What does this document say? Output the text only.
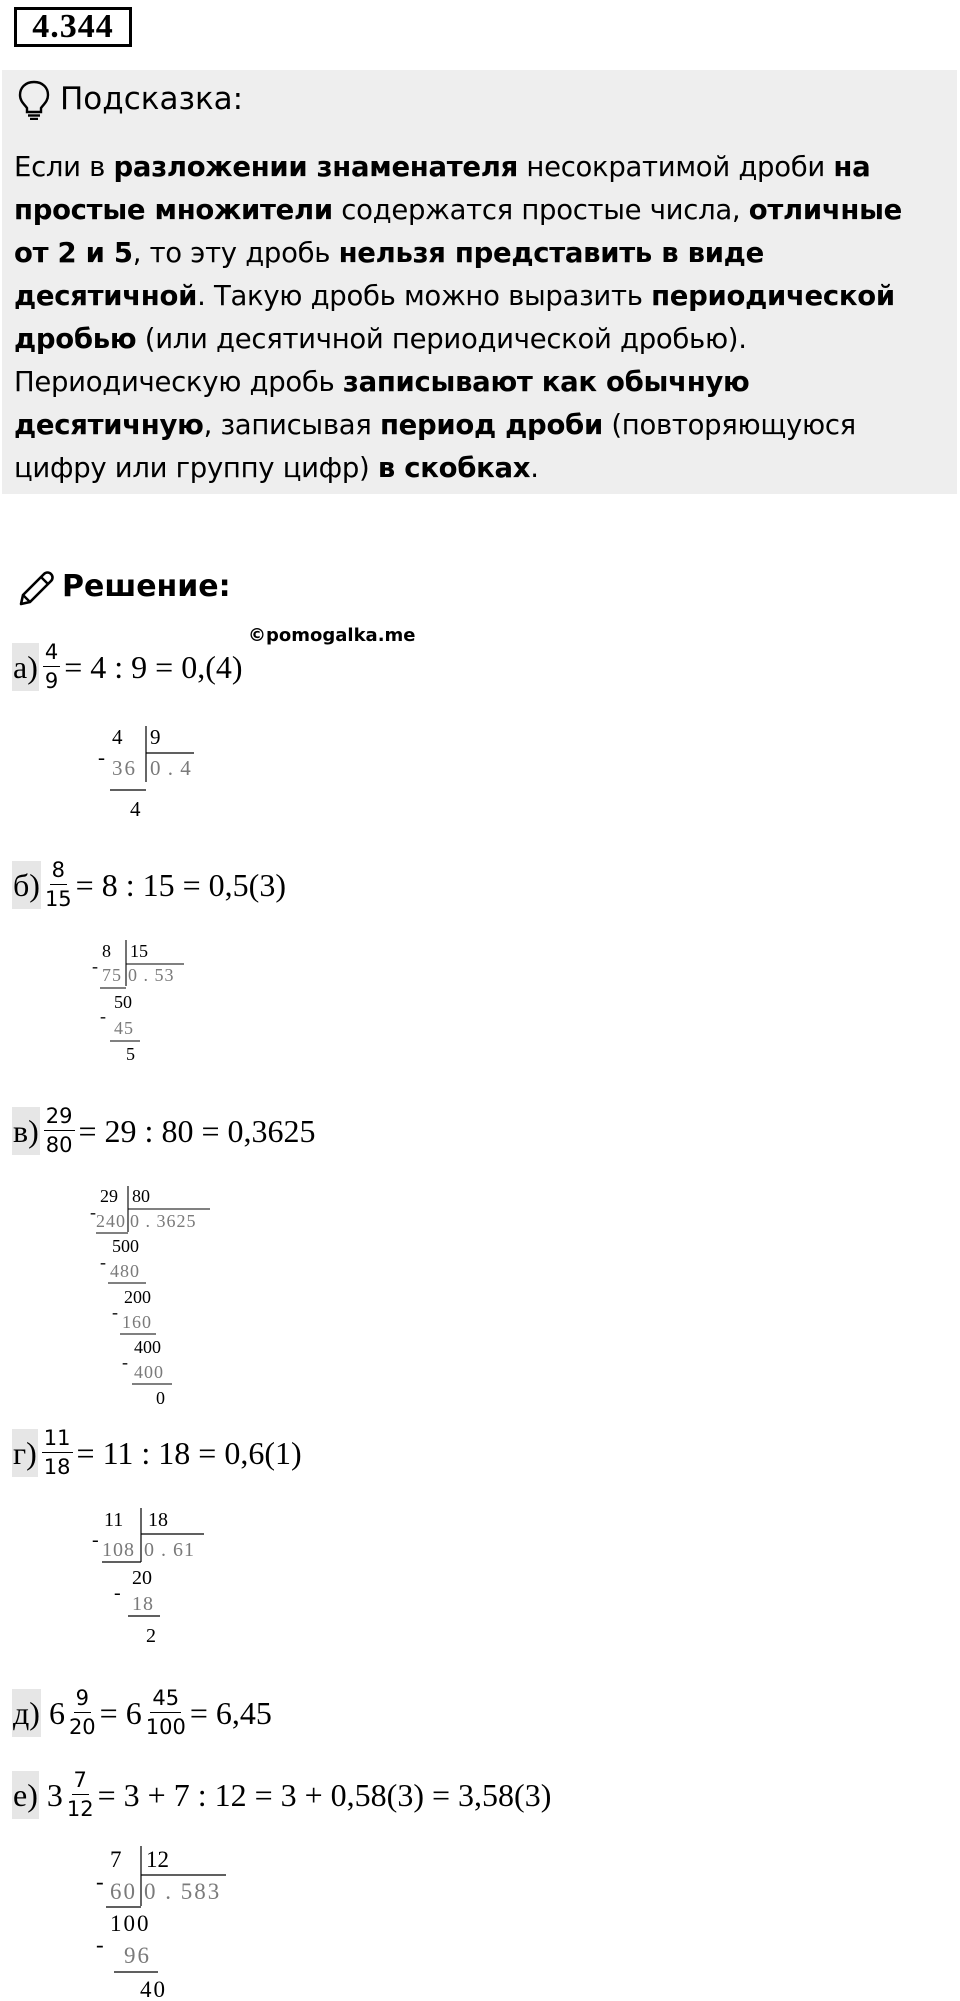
4.344
Подсказка:
Если в разложении знаменателя несократимой дроби на простые множители содержатся простые числа, отличные от 2 и 5, то эту дробь нельзя представить в виде десятичной. Такую дробь можно выразить периодической дробью (или десятичной периодической дробью). Периодическую дробь записывают как обычную десятичную, записывая период дроби (повторяющуюся цифру или группу цифр) в скобках.
Решение:
©pomogalka.me
$а) \frac{4}{9} = 4$ : 9 = 0,(4)
4 9
- 36 0 . 4
4
$б) \frac{8}{15} = 8$ : 15 = 0,5(3)
8 15
- 75 0 . 53
50
-
45
5
$в) \frac{29}{80} = 29$ : 80 = 0,3625
29 80
- 240 0 . 3625
500
- 480
200
- 160
400
- 400
0
$г) \frac{11}{18} = 11$ : 18 = 0,6(1)
11 18
- 108 0 . 61
20
- 18
2
д) $6 \frac{9}{20} = 6 \frac{45}{100} = 6,45$
е) $3 \frac{7}{12} = 3 + 7$ : 12 = 3 + 0,58(3) = 3,58(3)
7 12
- 60 0 . 583
100
- 96
40
